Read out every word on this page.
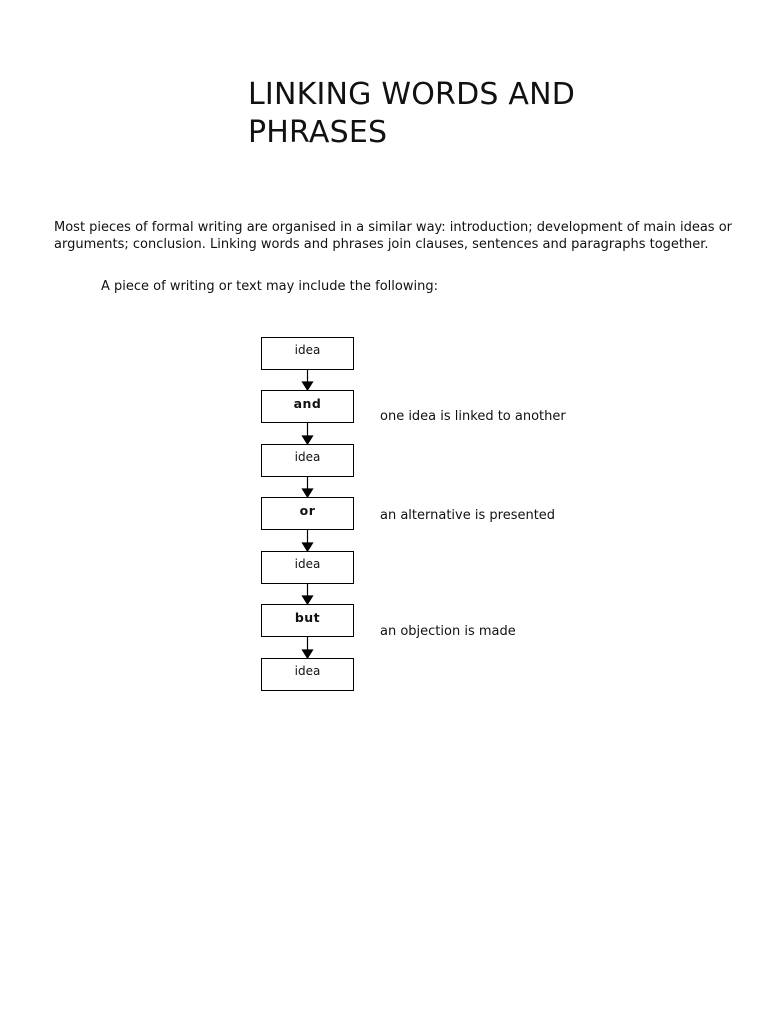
LINKING WORDS AND PHRASES

Most pieces of formal writing are organised in a similar way: introduction; development of main ideas or arguments; conclusion. Linking words and phrases join clauses, sentences and paragraphs together.

A piece of writing or text may include the following:

idea
and
idea
or
idea
but
idea
one idea is linked to another
an alternative is presented
an objection is made
